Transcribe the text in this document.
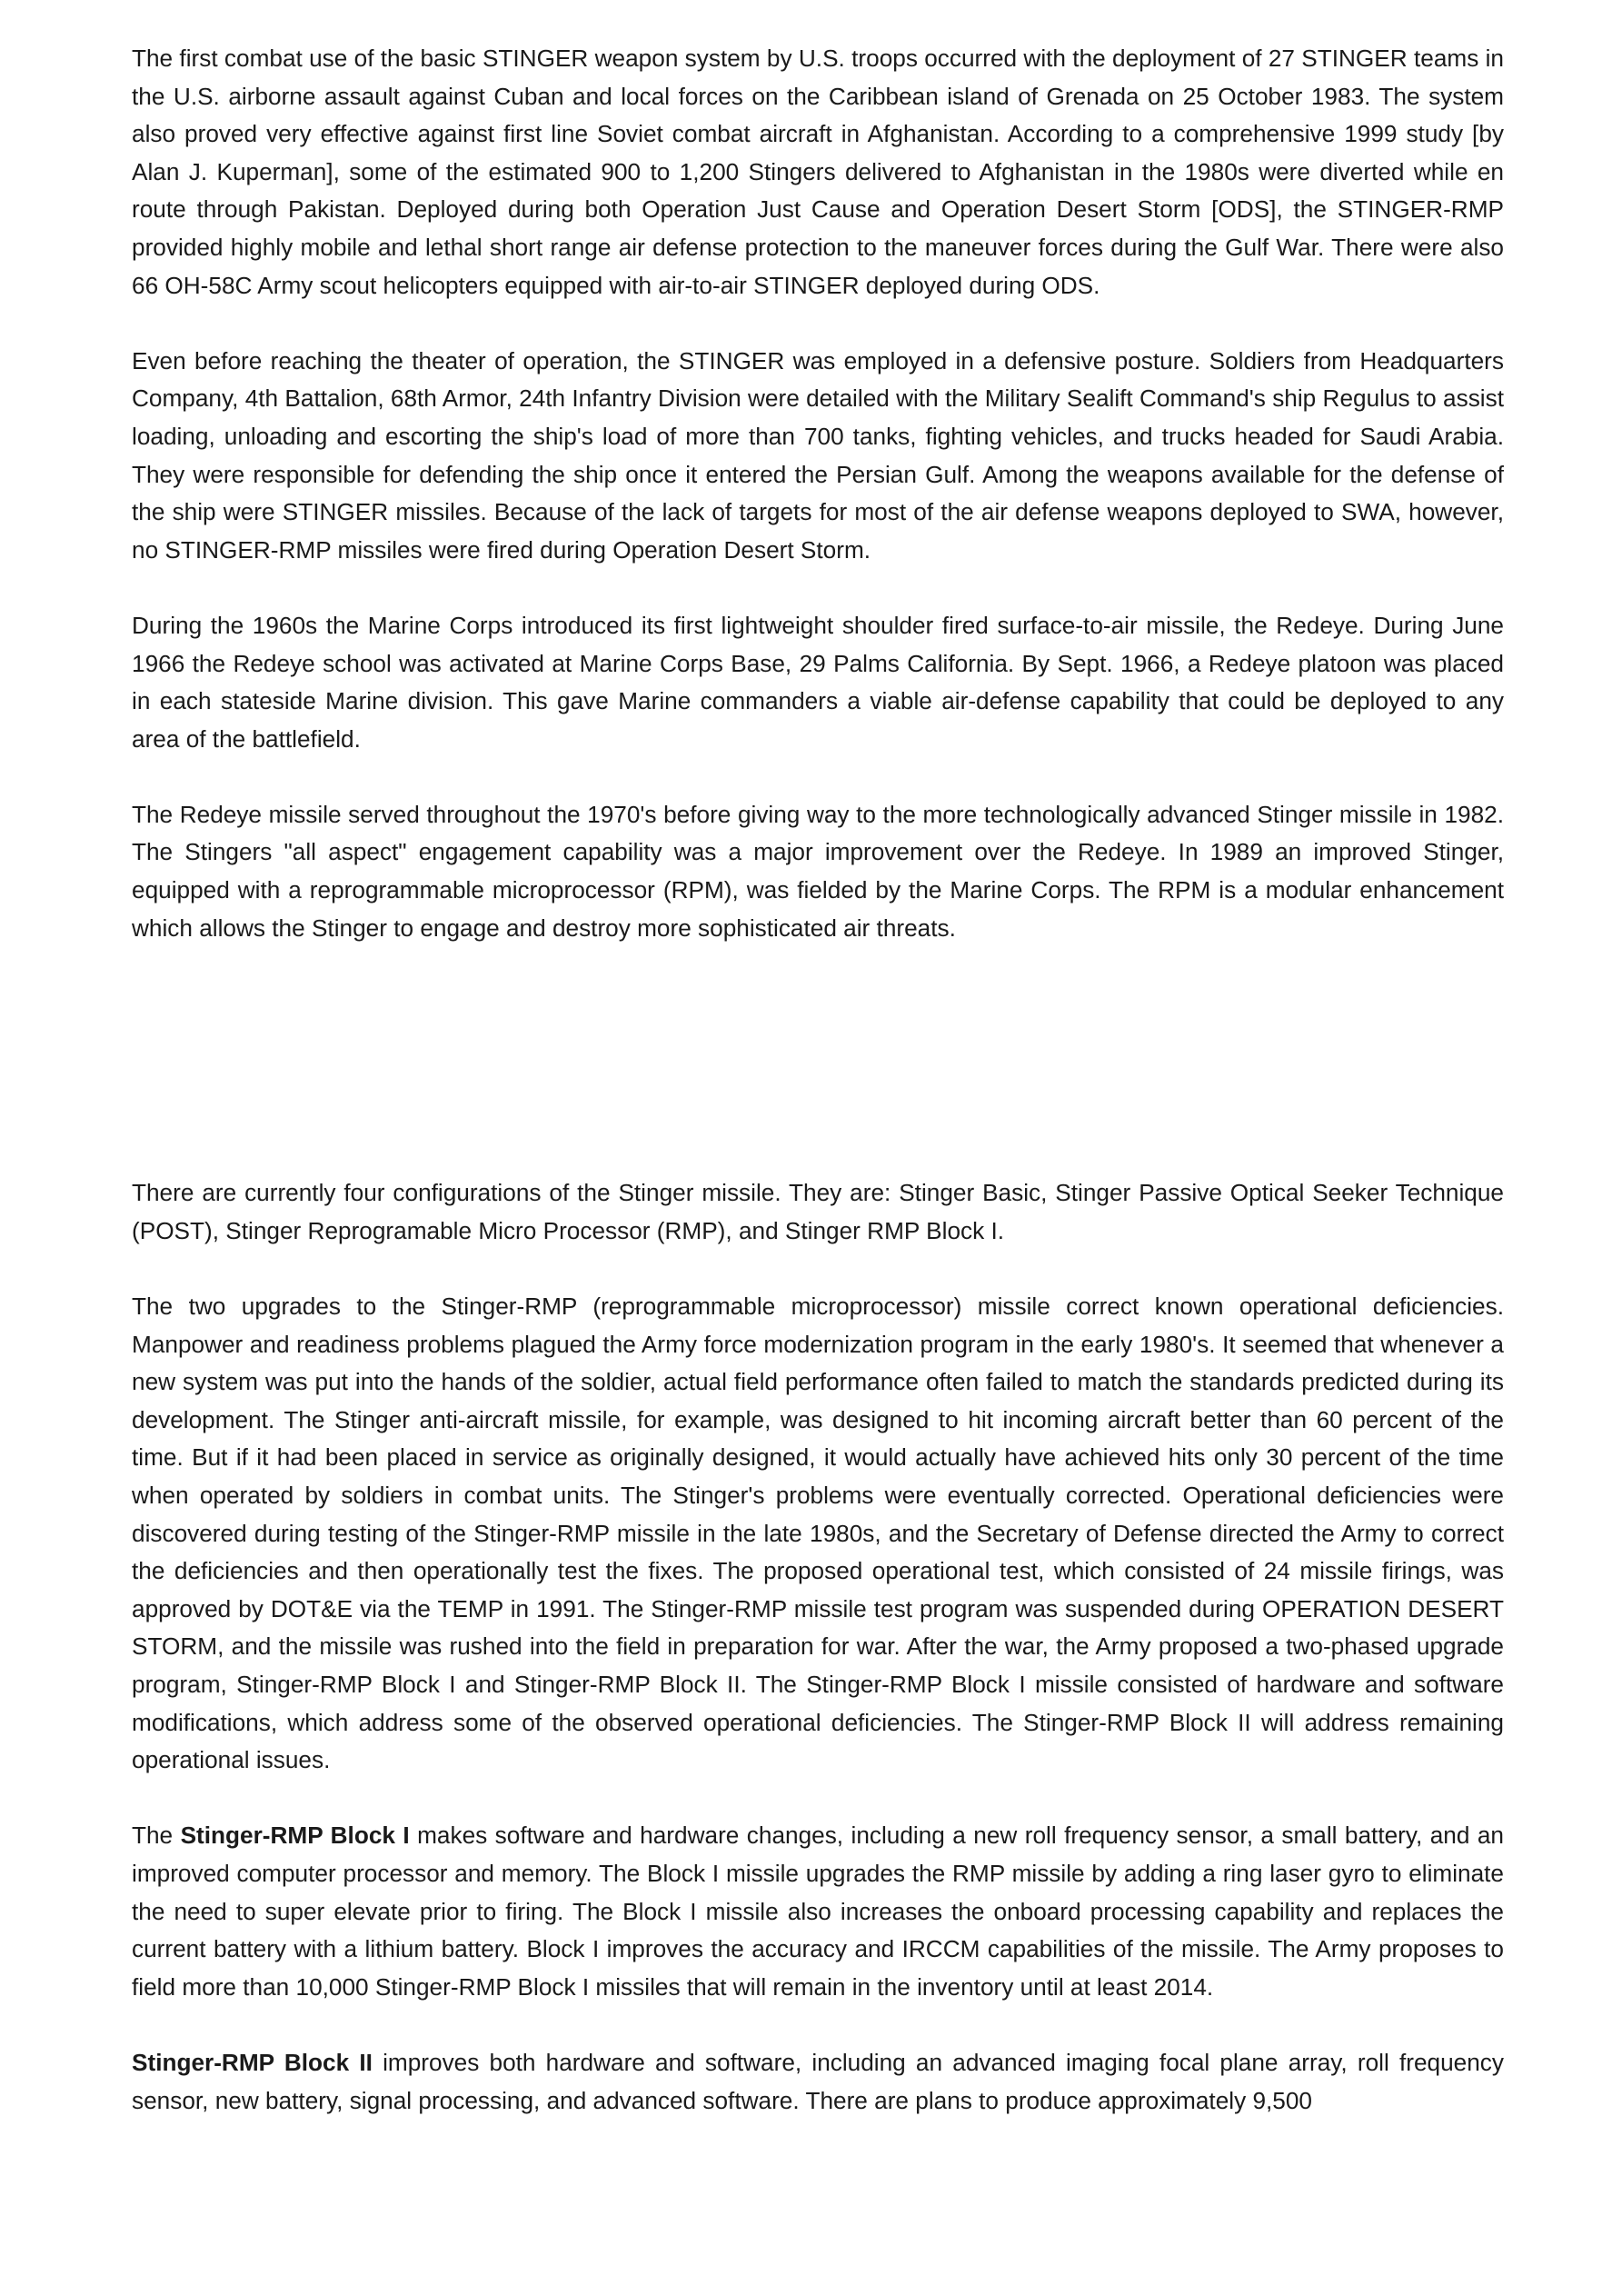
The first combat use of the basic STINGER weapon system by U.S. troops occurred with the deployment of 27 STINGER teams in the U.S. airborne assault against Cuban and local forces on the Caribbean island of Grenada on 25 October 1983. The system also proved very effective against first line Soviet combat aircraft in Afghanistan. According to a comprehensive 1999 study [by Alan J. Kuperman], some of the estimated 900 to 1,200 Stingers delivered to Afghanistan in the 1980s were diverted while en route through Pakistan. Deployed during both Operation Just Cause and Operation Desert Storm [ODS], the STINGER-RMP provided highly mobile and lethal short range air defense protection to the maneuver forces during the Gulf War. There were also 66 OH-58C Army scout helicopters equipped with air-to-air STINGER deployed during ODS.

Even before reaching the theater of operation, the STINGER was employed in a defensive posture. Soldiers from Headquarters Company, 4th Battalion, 68th Armor, 24th Infantry Division were detailed with the Military Sealift Command's ship Regulus to assist loading, unloading and escorting the ship's load of more than 700 tanks, fighting vehicles, and trucks headed for Saudi Arabia. They were responsible for defending the ship once it entered the Persian Gulf. Among the weapons available for the defense of the ship were STINGER missiles. Because of the lack of targets for most of the air defense weapons deployed to SWA, however, no STINGER-RMP missiles were fired during Operation Desert Storm.

During the 1960s the Marine Corps introduced its first lightweight shoulder fired surface-to-air missile, the Redeye. During June 1966 the Redeye school was activated at Marine Corps Base, 29 Palms California. By Sept. 1966, a Redeye platoon was placed in each stateside Marine division. This gave Marine commanders a viable air-defense capability that could be deployed to any area of the battlefield.

The Redeye missile served throughout the 1970's before giving way to the more technologically advanced Stinger missile in 1982. The Stingers "all aspect" engagement capability was a major improvement over the Redeye. In 1989 an improved Stinger, equipped with a reprogrammable microprocessor (RPM), was fielded by the Marine Corps. The RPM is a modular enhancement which allows the Stinger to engage and destroy more sophisticated air threats.

There are currently four configurations of the Stinger missile. They are: Stinger Basic, Stinger Passive Optical Seeker Technique (POST), Stinger Reprogramable Micro Processor (RMP), and Stinger RMP Block I.

The two upgrades to the Stinger-RMP (reprogrammable microprocessor) missile correct known operational deficiencies. Manpower and readiness problems plagued the Army force modernization program in the early 1980's. It seemed that whenever a new system was put into the hands of the soldier, actual field performance often failed to match the standards predicted during its development. The Stinger anti-aircraft missile, for example, was designed to hit incoming aircraft better than 60 percent of the time. But if it had been placed in service as originally designed, it would actually have achieved hits only 30 percent of the time when operated by soldiers in combat units. The Stinger's problems were eventually corrected. Operational deficiencies were discovered during testing of the Stinger-RMP missile in the late 1980s, and the Secretary of Defense directed the Army to correct the deficiencies and then operationally test the fixes. The proposed operational test, which consisted of 24 missile firings, was approved by DOT&E via the TEMP in 1991. The Stinger-RMP missile test program was suspended during OPERATION DESERT STORM, and the missile was rushed into the field in preparation for war. After the war, the Army proposed a two-phased upgrade program, Stinger-RMP Block I and Stinger-RMP Block II. The Stinger-RMP Block I missile consisted of hardware and software modifications, which address some of the observed operational deficiencies. The Stinger-RMP Block II will address remaining operational issues.

The Stinger-RMP Block I makes software and hardware changes, including a new roll frequency sensor, a small battery, and an improved computer processor and memory. The Block I missile upgrades the RMP missile by adding a ring laser gyro to eliminate the need to super elevate prior to firing. The Block I missile also increases the onboard processing capability and replaces the current battery with a lithium battery. Block I improves the accuracy and IRCCM capabilities of the missile. The Army proposes to field more than 10,000 Stinger-RMP Block I missiles that will remain in the inventory until at least 2014.

Stinger-RMP Block II improves both hardware and software, including an advanced imaging focal plane array, roll frequency sensor, new battery, signal processing, and advanced software. There are plans to produce approximately 9,500
